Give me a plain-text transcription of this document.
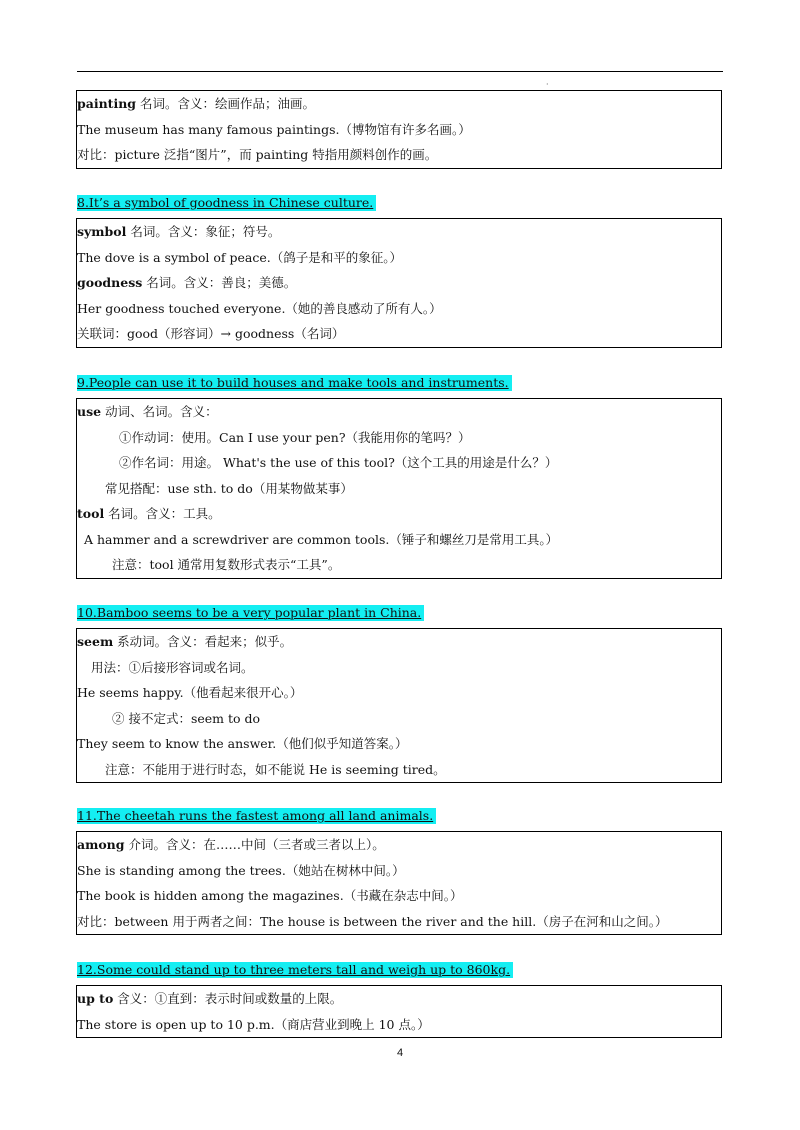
·
painting 名词。含义：绘画作品；油画。
The museum has many famous paintings.（博物馆有许多名画。）
对比：picture 泛指“图片”，而 painting 特指用颜料创作的画。
8.It’s a symbol of goodness in Chinese culture.
symbol 名词。含义：象征；符号。
The dove is a symbol of peace.（鸽子是和平的象征。）
goodness 名词。含义：善良；美德。
Her goodness touched everyone.（她的善良感动了所有人。）
关联词：good（形容词）→ goodness（名词）
9.People can use it to build houses and make tools and instruments.
use 动词、名词。含义：
①作动词：使用。Can I use your pen?（我能用你的笔吗？）
②作名词：用途。 What's the use of this tool?（这个工具的用途是什么？）
常见搭配：use sth. to do（用某物做某事）
tool 名词。含义：工具。
A hammer and a screwdriver are common tools.（锤子和螺丝刀是常用工具。）
注意：tool 通常用复数形式表示“工具”。
10.Bamboo seems to be a very popular plant in China.
seem 系动词。含义：看起来；似乎。
用法：①后接形容词或名词。
He seems happy.（他看起来很开心。）
② 接不定式：seem to do
They seem to know the answer.（他们似乎知道答案。）
注意：不能用于进行时态，如不能说 He is seeming tired。
11.The cheetah runs the fastest among all land animals.
among 介词。含义：在……中间（三者或三者以上）。
She is standing among the trees.（她站在树林中间。）
The book is hidden among the magazines.（书藏在杂志中间。）
对比：between 用于两者之间：The house is between the river and the hill.（房子在河和山之间。）
12.Some could stand up to three meters tall and weigh up to 860kg.
up to 含义：①直到：表示时间或数量的上限。
The store is open up to 10 p.m.（商店营业到晚上 10 点。）
4
